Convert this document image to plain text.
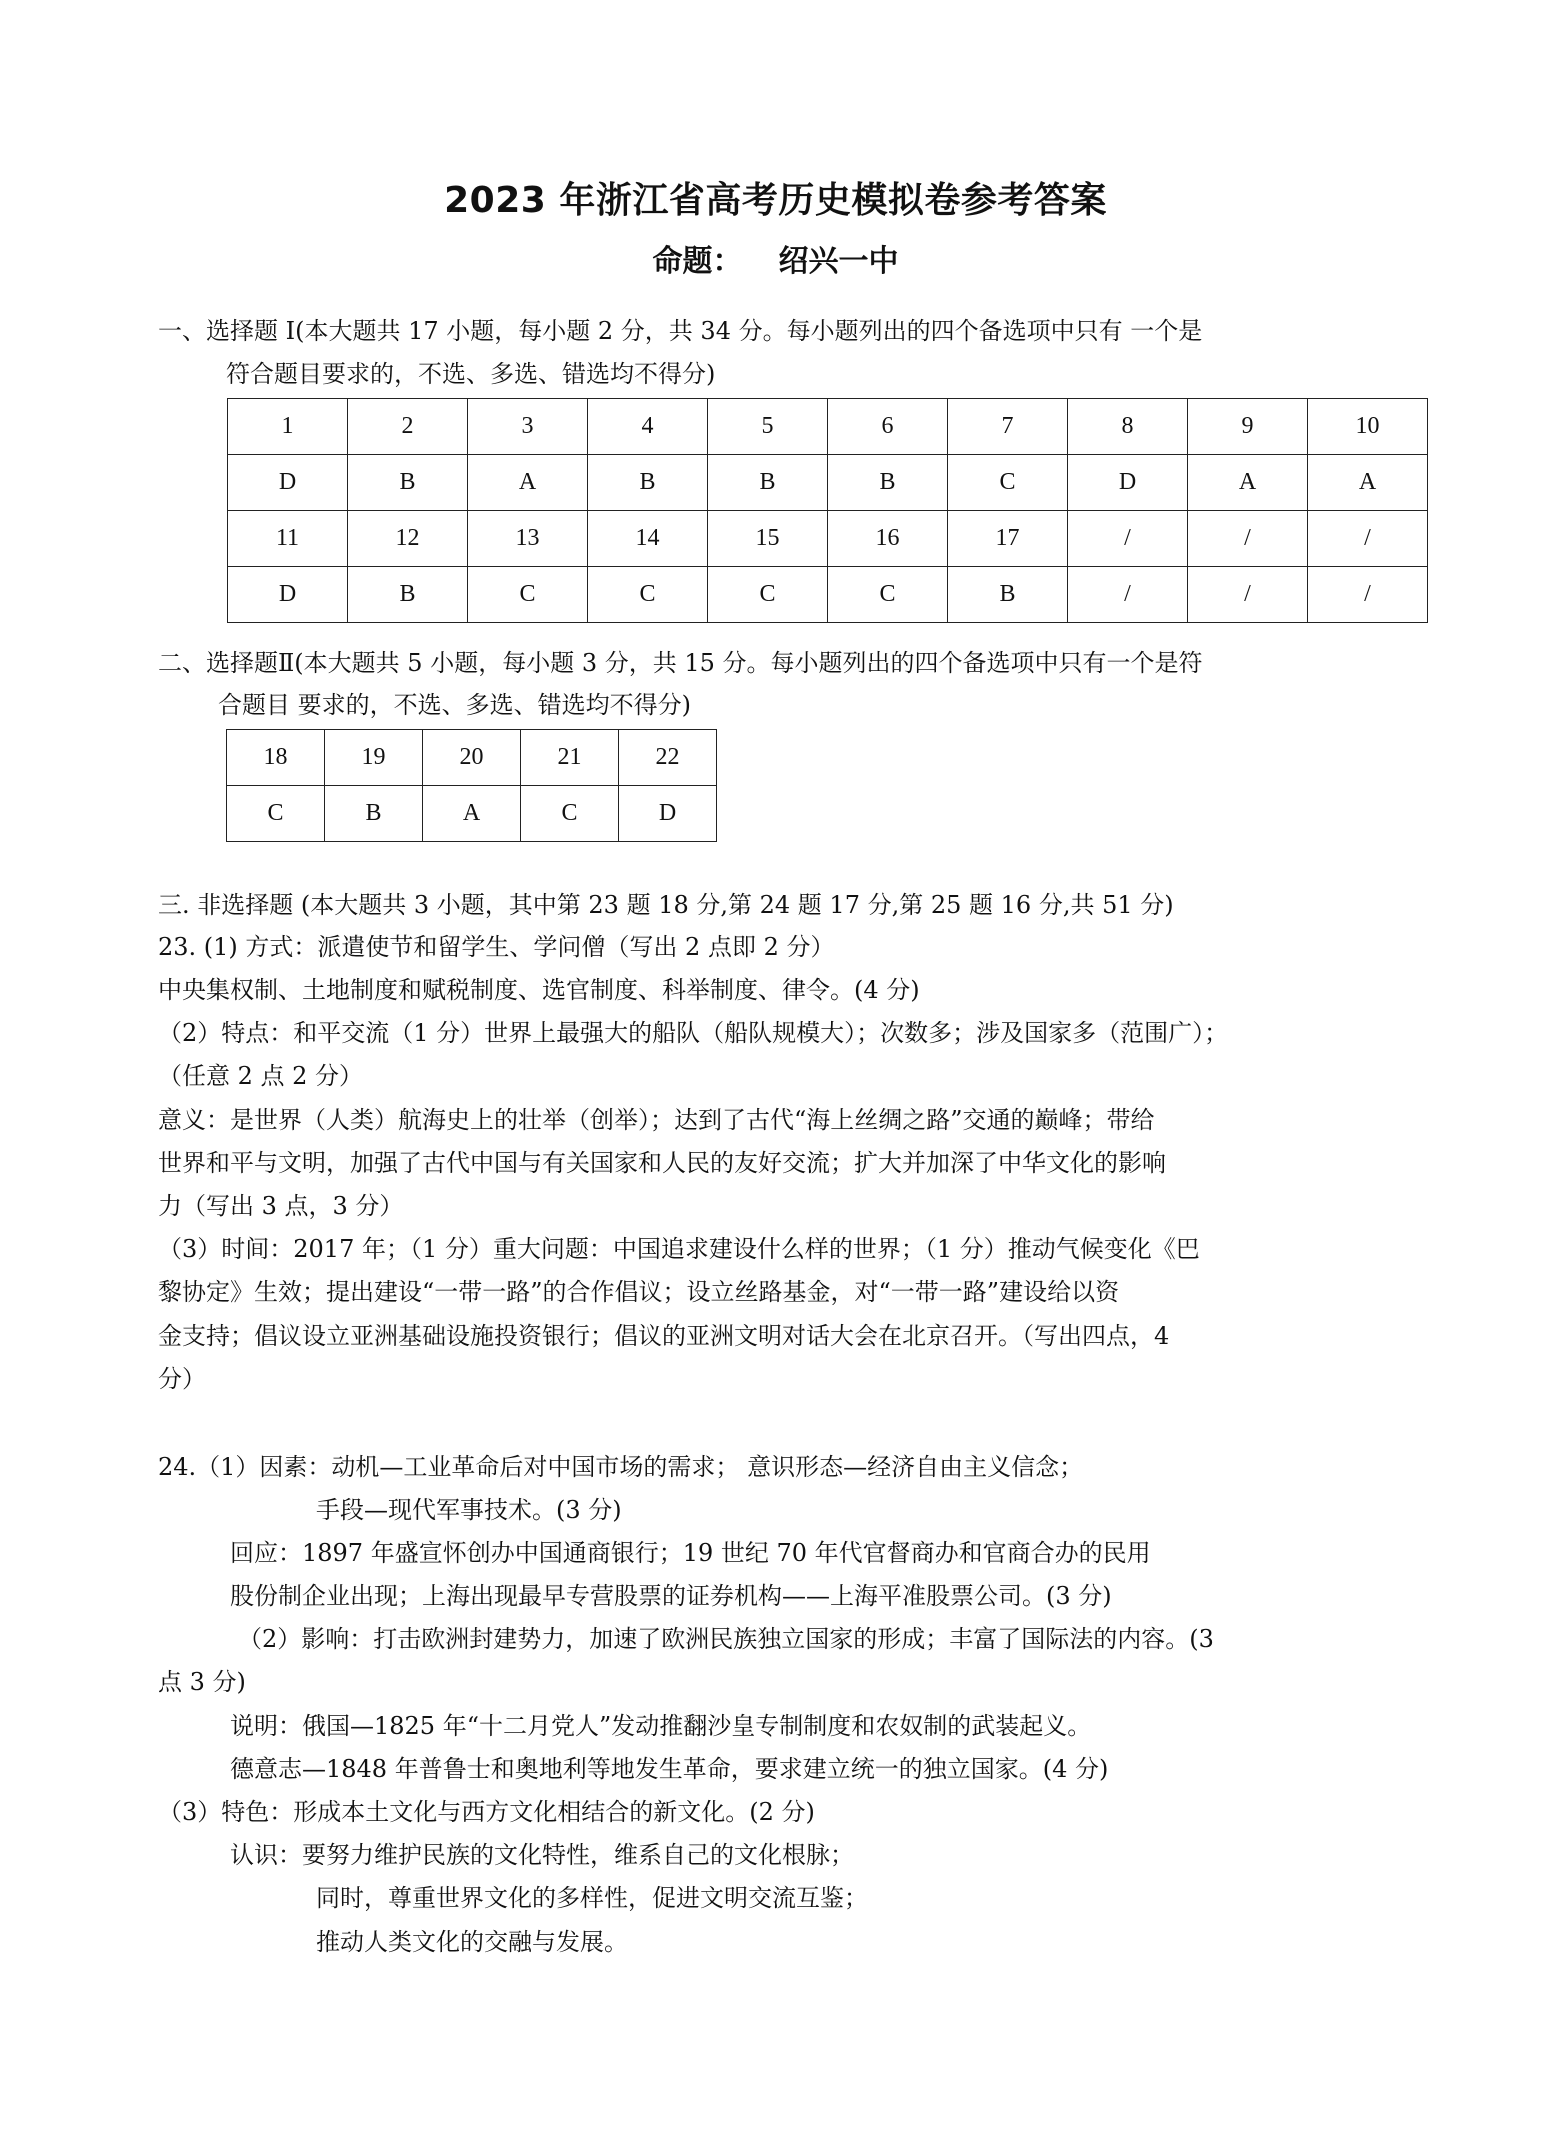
2023 年浙江省高考历史模拟卷参考答案
命题： 绍兴一中
一、选择题 I(本大题共 17 小题，每小题 2 分，共 34 分。每小题列出的四个备选项中只有 一个是
符合题目要求的，不选、多选、错选均不得分)
1	2	3	4	5	6	7	8	9	10
D	B	A	B	B	B	C	D	A	A
11	12	13	14	15	16	17	/	/	/
D	B	C	C	C	C	B	/	/	/
二、选择题Ⅱ(本大题共 5 小题，每小题 3 分，共 15 分。每小题列出的四个备选项中只有一个是符
合题目 要求的，不选、多选、错选均不得分)
18	19	20	21	22
C	B	A	C	D
三. 非选择题 (本大题共 3 小题，其中第 23 题 18 分,第 24 题 17 分,第 25 题 16 分,共 51 分)
23. (1) 方式：派遣使节和留学生、学问僧（写出 2 点即 2 分）
中央集权制、土地制度和赋税制度、选官制度、科举制度、律令。(4 分)
（2）特点：和平交流（1 分）世界上最强大的船队（船队规模大）；次数多；涉及国家多（范围广）；
（任意 2 点 2 分）
意义：是世界（人类）航海史上的壮举（创举）；达到了古代“海上丝绸之路”交通的巅峰；带给
世界和平与文明，加强了古代中国与有关国家和人民的友好交流；扩大并加深了中华文化的影响
力（写出 3 点，3 分）
（3）时间：2017 年；（1 分）重大问题：中国追求建设什么样的世界；（1 分）推动气候变化《巴
黎协定》生效；提出建设“一带一路”的合作倡议；设立丝路基金，对“一带一路”建设给以资
金支持；倡议设立亚洲基础设施投资银行；倡议的亚洲文明对话大会在北京召开。（写出四点，4
分）
24.（1）因素：动机—工业革命后对中国市场的需求； 意识形态—经济自由主义信念；
手段—现代军事技术。(3 分)
回应：1897 年盛宣怀创办中国通商银行；19 世纪 70 年代官督商办和官商合办的民用
股份制企业出现；上海出现最早专营股票的证券机构——上海平准股票公司。(3 分)
（2）影响：打击欧洲封建势力，加速了欧洲民族独立国家的形成；丰富了国际法的内容。(3
点 3 分)
说明：俄国—1825 年“十二月党人”发动推翻沙皇专制制度和农奴制的武装起义。
德意志—1848 年普鲁士和奥地利等地发生革命，要求建立统一的独立国家。(4 分)
（3）特色：形成本土文化与西方文化相结合的新文化。(2 分)
认识：要努力维护民族的文化特性，维系自己的文化根脉；
同时，尊重世界文化的多样性，促进文明交流互鉴；
推动人类文化的交融与发展。
